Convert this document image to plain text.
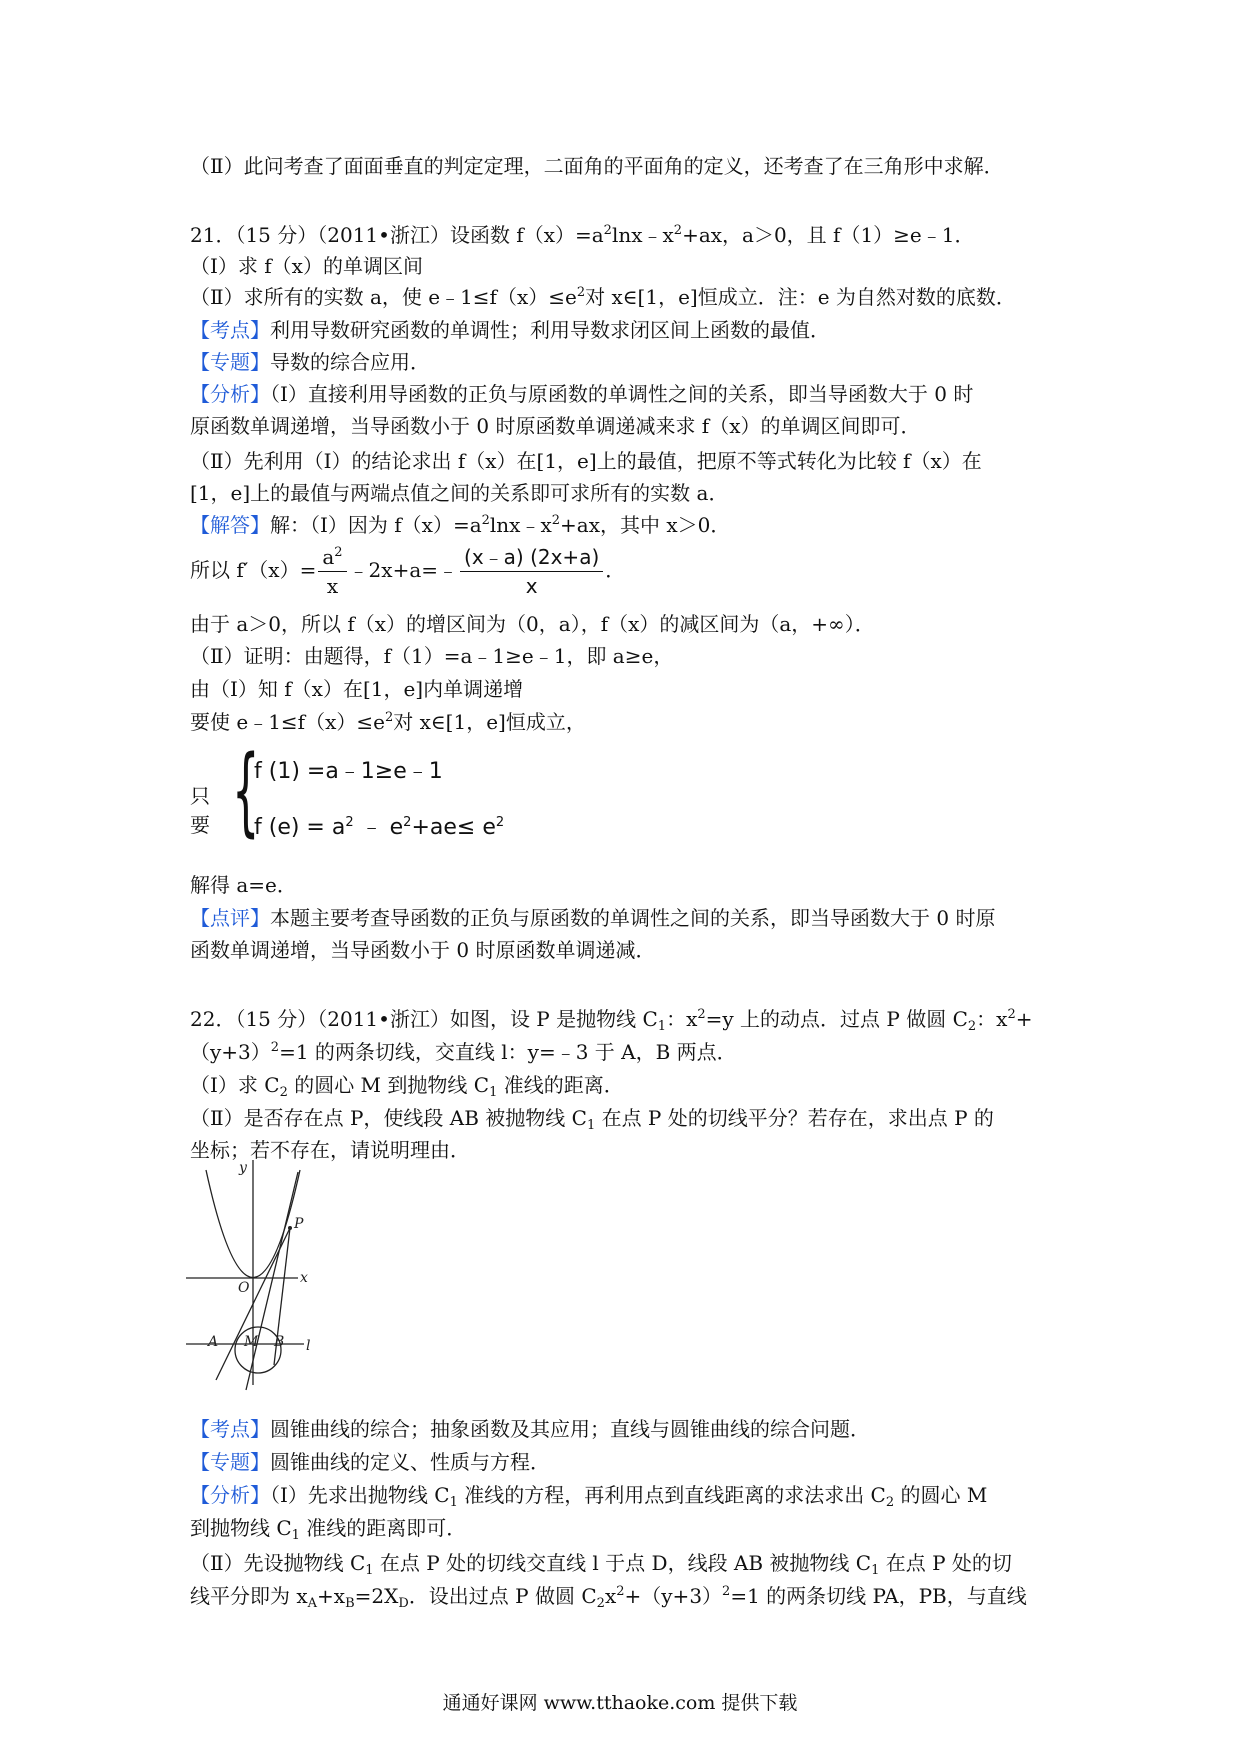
（Ⅱ）此问考查了面面垂直的判定定理，二面角的平面角的定义，还考查了在三角形中求解．
21．（15 分）（2011•浙江）设函数 $f(x)=a^2\ln x﹣x^2+ax$，a＞0，且 f（1）≥e﹣1．
（Ⅰ）求 f（x）的单调区间
（Ⅱ）求所有的实数 a，使 $e﹣1\le f(x)\le e^2$对 x∈[1，e]恒成立．注：e 为自然对数的底数．
【考点】利用导数研究函数的单调性；利用导数求闭区间上函数的最值．
【专题】导数的综合应用．
【分析】（Ⅰ）直接利用导函数的正负与原函数的单调性之间的关系，即当导函数大于 0 时
原函数单调递增，当导函数小于 0 时原函数单调递减来求 f（x）的单调区间即可．
（Ⅱ）先利用（Ⅰ）的结论求出 f（x）在[1，e]上的最值，把原不等式转化为比较 f（x）在
[1，e]上的最值与两端点值之间的关系即可求所有的实数 a．
【解答】解：（Ⅰ）因为 $f(x)=a^2\ln x﹣x^2+ax$，其中 x＞0．
所以 $f'(x)= \frac{a^2}{x}$ ﹣2x+a=﹣ $\frac{(x﹣a) (2x+a)}{x}$ ．
由于 a＞0，所以 f（x）的增区间为（0，a），f（x）的减区间为（a，+∞）．
（Ⅱ）证明：由题得，f（1）=a﹣1≥e﹣1，即 a≥e，
由（Ⅰ）知 f（x）在[1，e]内单调递增
要使 $e﹣1\le f(x)\le e^2$对 x∈[1，e]恒成立，
只要 {
f (1) =a﹣1≥e﹣1
f $(e) = a^2$ ﹣ $e^2+ae\le e^2$
解得 a=e．
【点评】本题主要考查导函数的正负与原函数的单调性之间的关系，即当导函数大于 0 时原
函数单调递增，当导函数小于 0 时原函数单调递减．
22．（15 分）（2011•浙江）如图，设 P 是抛物线 $C_1$：$x^2=y$ 上的动点．过点 P 做圆 $C_2$：$x^2+$
$(y+3)^2=1$ 的两条切线，交直线 l：y=﹣3 于 A，B 两点．
（Ⅰ）求 $C_2$ 的圆心 M 到抛物线 $C_1$ 准线的距离．
（Ⅱ）是否存在点 P，使线段 AB 被抛物线 $C_1$ 在点 P 处的切线平分？若存在，求出点 P 的
坐标；若不存在，请说明理由．
y
x
P
O
A M B l
【考点】圆锥曲线的综合；抽象函数及其应用；直线与圆锥曲线的综合问题．
【专题】圆锥曲线的定义、性质与方程．
【分析】（Ⅰ）先求出抛物线 $C_1$ 准线的方程，再利用点到直线距离的求法求出 $C_2$ 的圆心 M
到抛物线 $C_1$ 准线的距离即可．
（Ⅱ）先设抛物线 $C_1$ 在点 P 处的切线交直线 l 于点 D，线段 AB 被抛物线 $C_1$ 在点 P 处的切
线平分即为 $x_A+x_B=2X_D$．设出过点 P 做圆 $C_2x^2+(y+3)^2=1$ 的两条切线 PA，PB，与直线
通通好课网 www.tthaoke.com 提供下载
